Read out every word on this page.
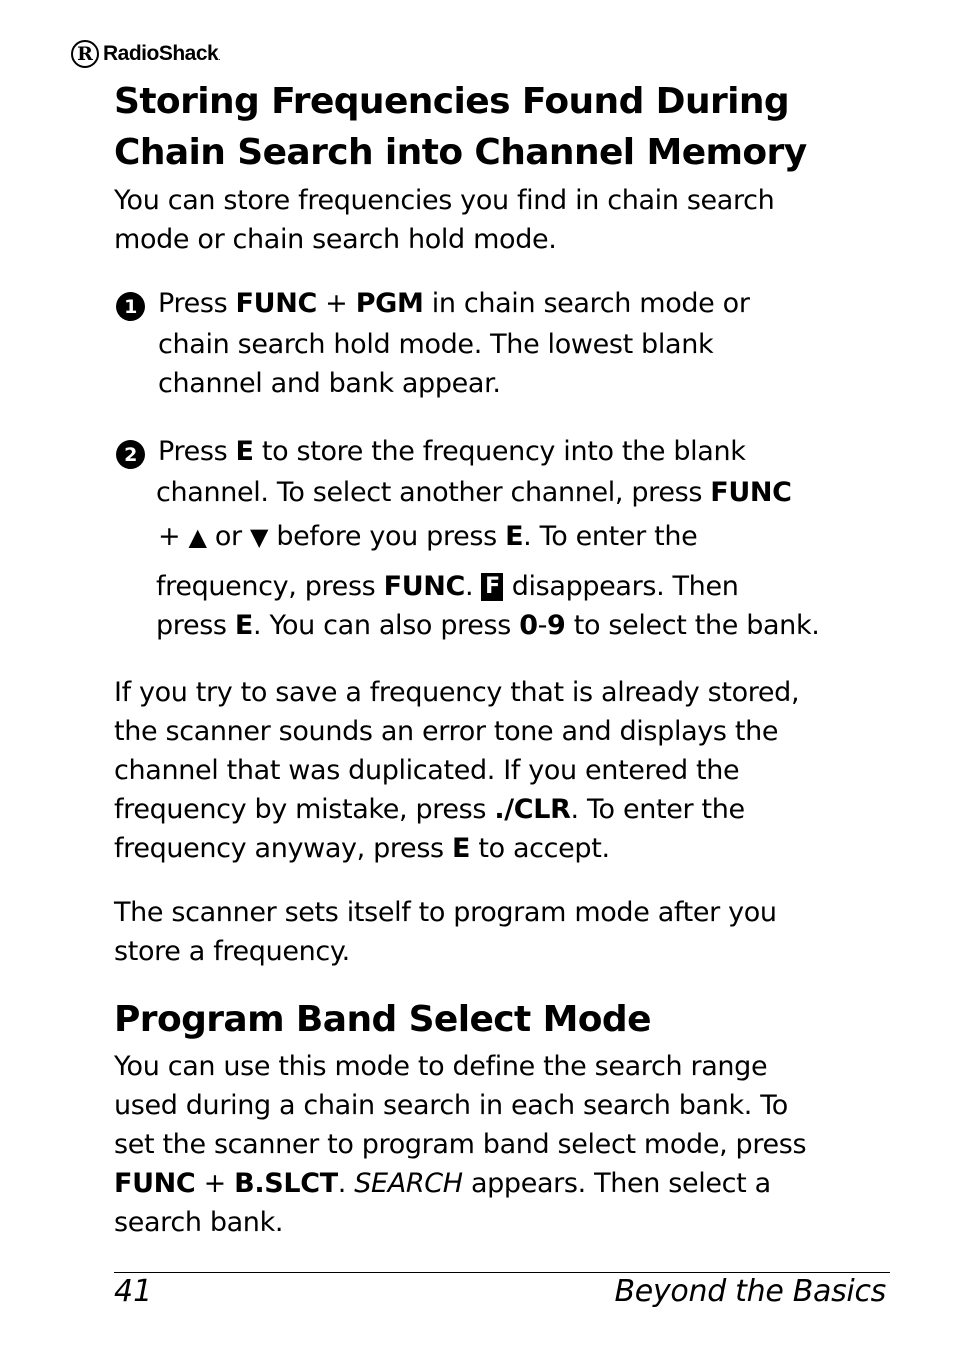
R RadioShack.
Storing Frequencies Found During
Chain Search into Channel Memory

You can store frequencies you find in chain search
mode or chain search hold mode.

1 Press FUNC + PGM in chain search mode or
chain search hold mode. The lowest blank
channel and bank appear.
2 Press E to store the frequency into the blank
channel. To select another channel, press FUNC
+ ▲ or ▼ before you press E. To enter the
frequency, press FUNC. F disappears. Then
press E. You can also press 0-9 to select the bank.

If you try to save a frequency that is already stored,
the scanner sounds an error tone and displays the
channel that was duplicated. If you entered the
frequency by mistake, press ./CLR. To enter the
frequency anyway, press E to accept.

The scanner sets itself to program mode after you
store a frequency.

Program Band Select Mode

You can use this mode to define the search range
used during a chain search in each search bank. To
set the scanner to program band select mode, press
FUNC + B.SLCT. SEARCH appears. Then select a
search bank.

41	Beyond the Basics
